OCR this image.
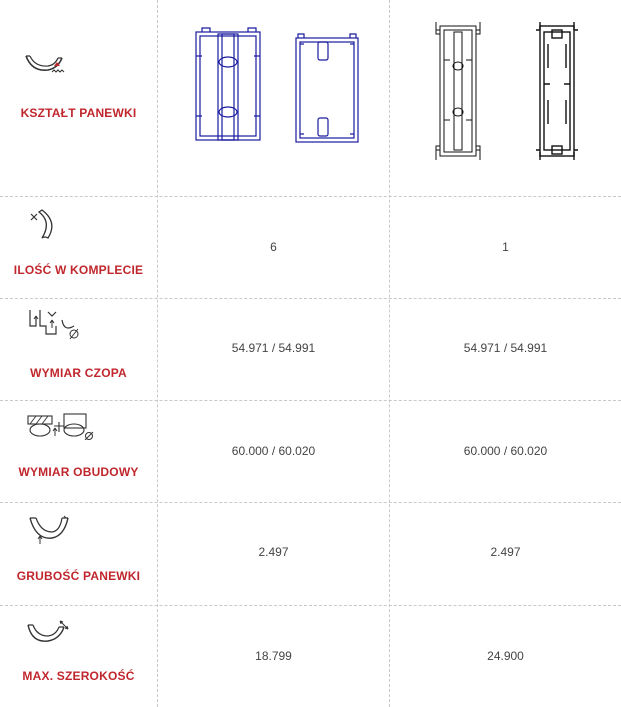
KSZTAŁT PANEWKI
ILOŚĆ W KOMPLECIE
6	1
WYMIAR CZOPA
54.971 / 54.991	54.971 / 54.991
WYMIAR OBUDOWY
60.000 / 60.020	60.000 / 60.020
GRUBOŚĆ PANEWKI
2.497	2.497
MAX. SZEROKOŚĆ
18.799	24.900
